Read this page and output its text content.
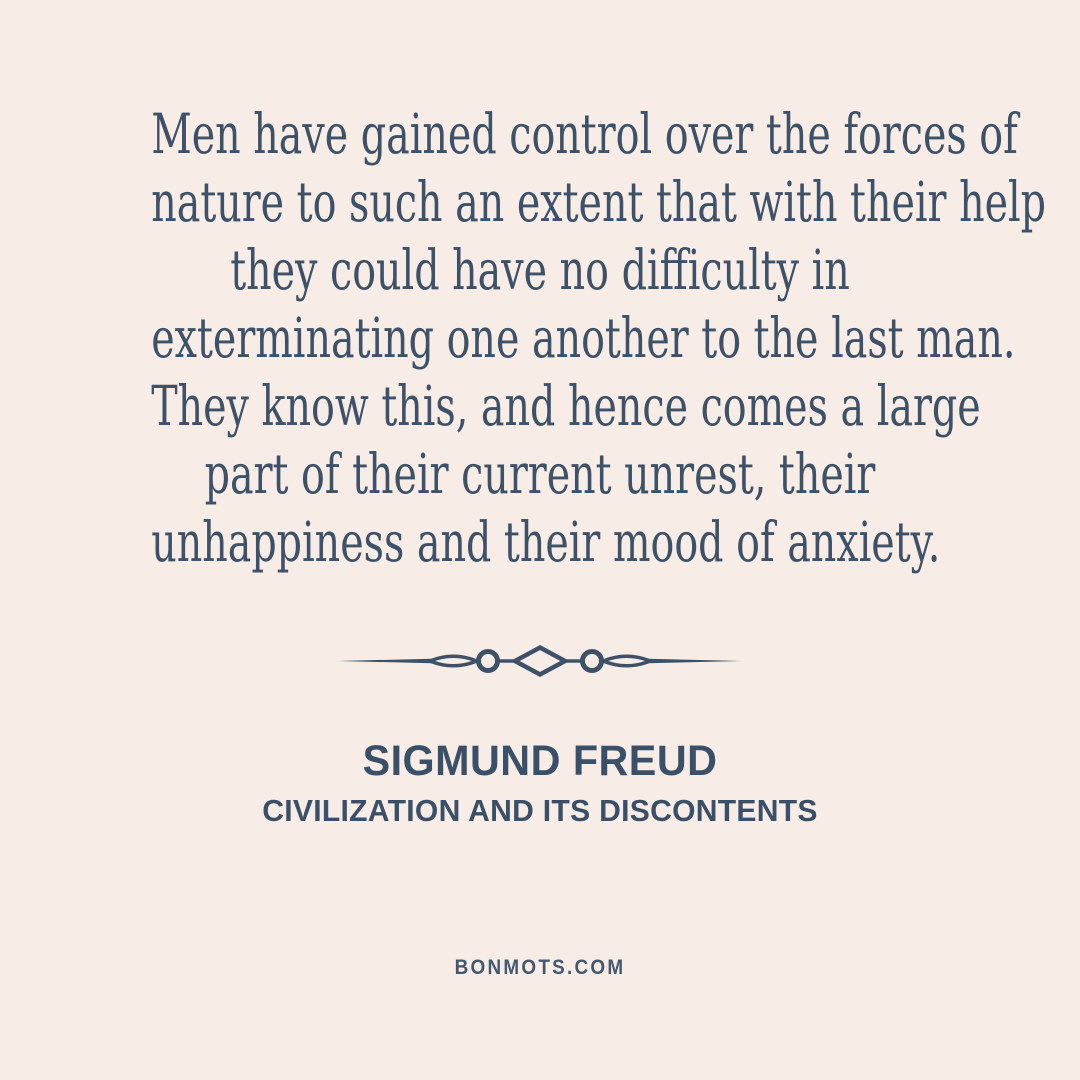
Men have gained control over the forces of
nature to such an extent that with their help
they could have no difficulty in
exterminating one another to the last man.
They know this, and hence comes a large
part of their current unrest, their
unhappiness and their mood of anxiety.
SIGMUND FREUD
CIVILIZATION AND ITS DISCONTENTS
BONMOTS.COM
